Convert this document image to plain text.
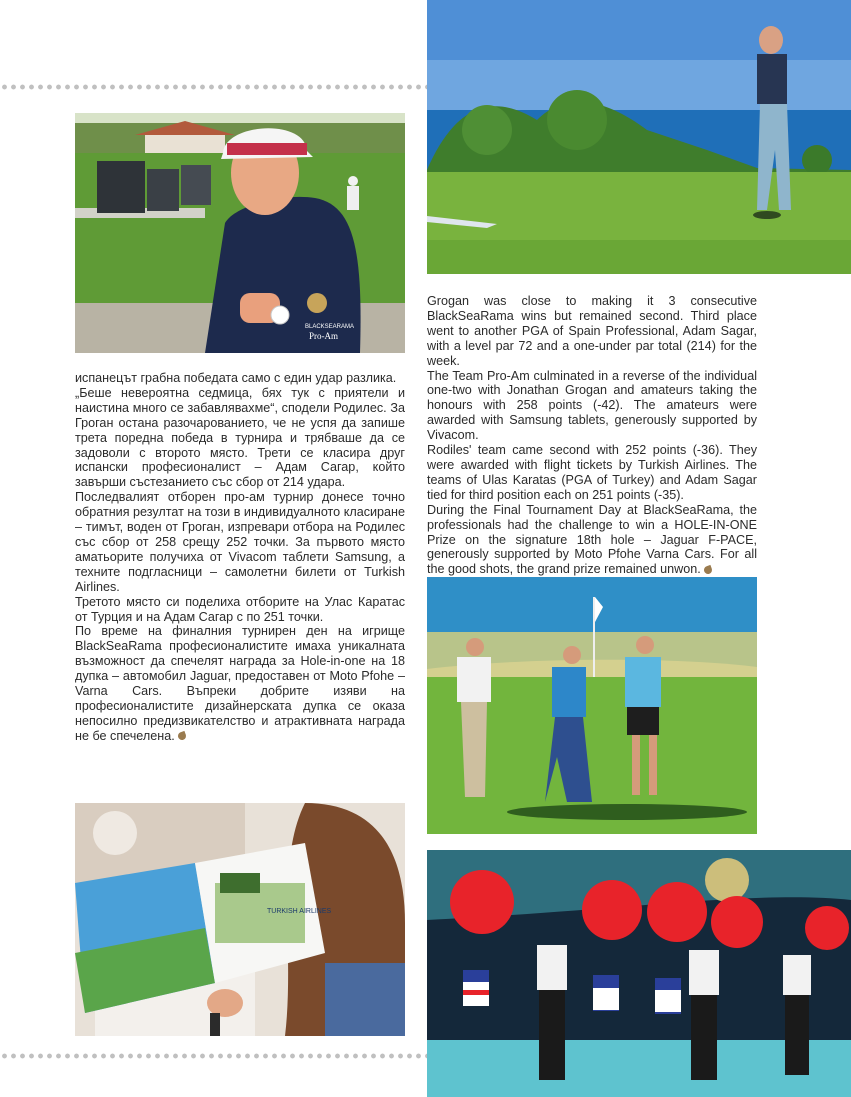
BLACKSEARAMA
Pro-Am

испанецът грабна победата само с един удар разлика.

„Беше невероятна седмица, бях тук с приятели и наистина много се забавлявахме“, сподели Родилес. За Гроган остана разочарованието, че не успя да запише трета поредна победа в турнира и трябваше да се задоволи с второто място. Трети се класира друг испански професионалист – Адам Сагар, който завърши състезанието със сбор от 214 удара.

Последвалият отборен про-ам турнир донесе точно обратния резултат на този в индивидуалното класиране – тимът, воден от Гроган, изпревари отбора на Родилес със сбор от 258 срещу 252 точки. За първото място аматьорите получиха от Vivacom таблети Samsung, а техните подгласници – самолетни билети от Turkish Airlines.

Третото място си поделиха отборите на Улас Каратас от Турция и на Адам Сагар с по 251 точки.

По време на финалния турнирен ден на игрище BlackSeaRama професионалистите имаха уникалната възможност да спечелят награда за Hole-in-one на 18 дупка – автомобил Jaguar, предоставен от Moto Pfohe – Varna Cars. Въпреки добрите изяви на професионалистите дизайнерската дупка се оказа непосилно предизвикателство и атрактивната награда не бе спечелена.

Grogan was close to making it 3 consecutive BlackSeaRama wins but remained second. Third place went to another PGA of Spain Professional, Adam Sagar, with a level par 72 and a one-under par total (214) for the week.

The Team Pro-Am culminated in a reverse of the individual one-two with Jonathan Grogan and amateurs taking the honours with 258 points (-42). The amateurs were awarded with Samsung tablets, generously supported by Vivacom.

Rodiles' team came second with 252 points (-36). They were awarded with flight tickets by Turkish Airlines. The teams of Ulas Karatas (PGA of Turkey) and Adam Sagar tied for third position each on 251 points (-35).

During the Final Tournament Day at BlackSeaRama, the professionals had the challenge to win a HOLE-IN-ONE Prize on the signature 18th hole – Jaguar F-PACE, generously supported by Moto Pfohe Varna Cars. For all the good shots, the grand prize remained unwon.

TURKISH AIRLINES
